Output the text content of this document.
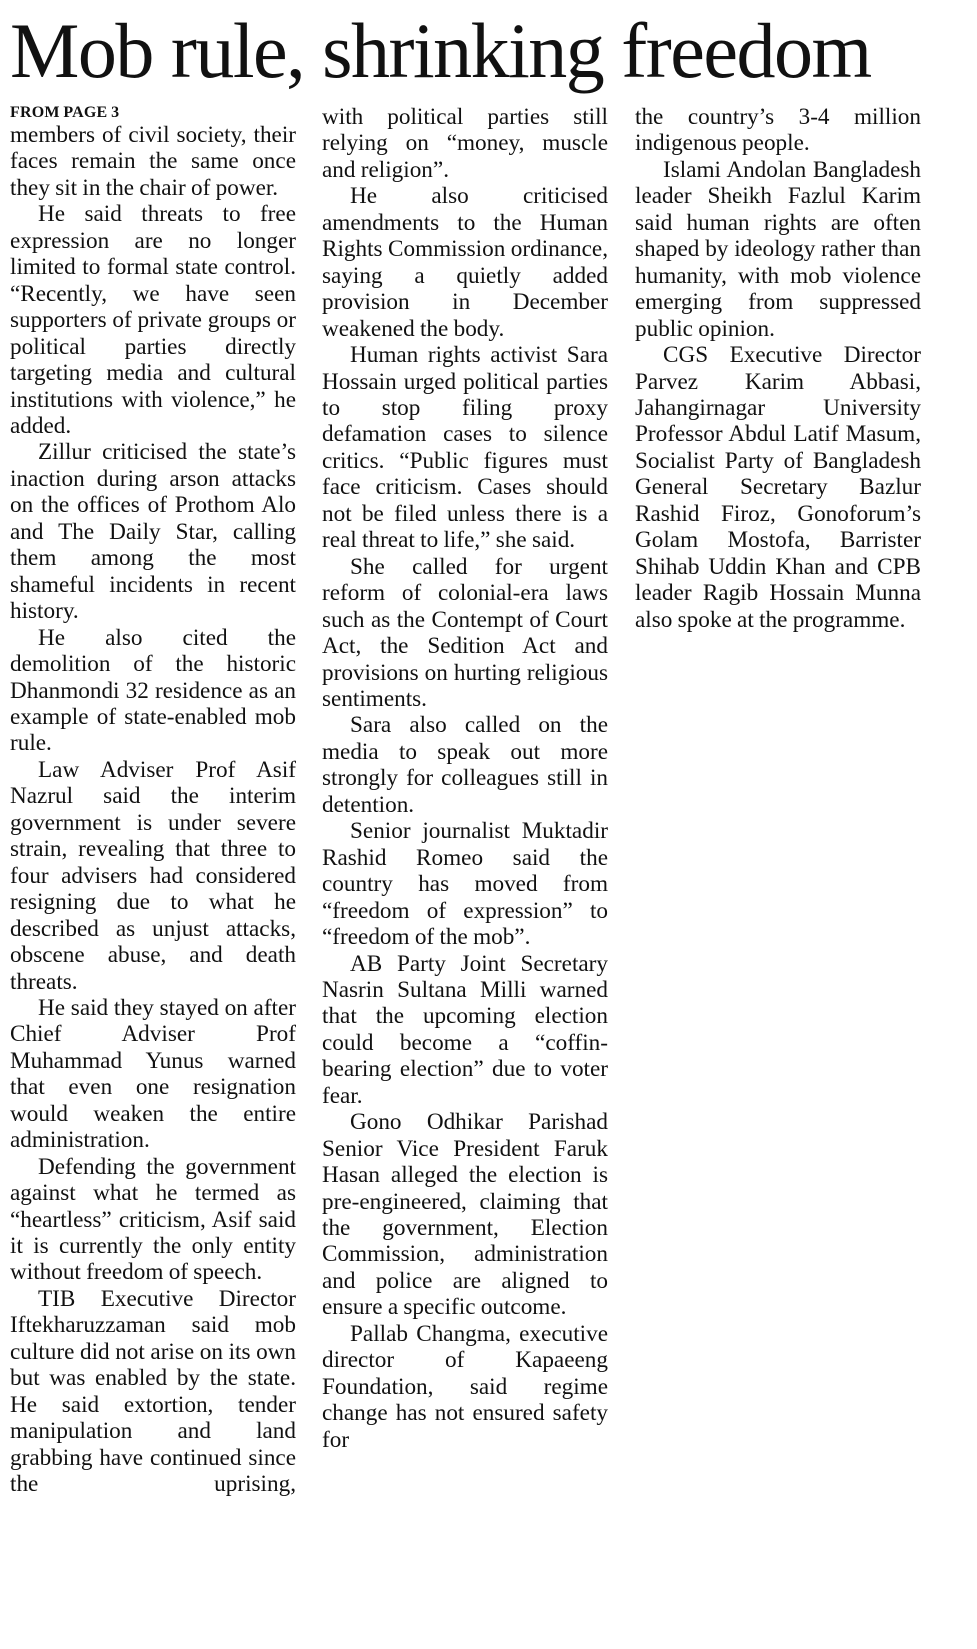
Mob rule, shrinking freedom
FROM PAGE 3

members of civil society, their faces remain the same once they sit in the chair of power.

He said threats to free expression are no longer limited to formal state control. “Recently, we have seen supporters of private groups or political parties directly targeting media and cultural institutions with violence,” he added.

Zillur criticised the state’s inaction during arson attacks on the offices of Prothom Alo and The Daily Star, calling them among the most shameful incidents in recent history.

He also cited the demolition of the historic Dhanmondi 32 residence as an example of state-enabled mob rule.

Law Adviser Prof Asif Nazrul said the interim government is under severe strain, revealing that three to four advisers had considered resigning due to what he described as unjust attacks, obscene abuse, and death threats.

He said they stayed on after Chief Adviser Prof Muhammad Yunus warned that even one resignation would weaken the entire administration.

Defending the government against what he termed as “heartless” criticism, Asif said it is currently the only entity without freedom of speech.

TIB Executive Director Iftekharuzzaman said mob culture did not arise on its own but was enabled by the state. He said extortion, tender manipulation and land grabbing have continued since the uprising,

with political parties still relying on “money, muscle and religion”.

He also criticised amendments to the Human Rights Commission ordinance, saying a quietly added provision in December weakened the body.

Human rights activist Sara Hossain urged political parties to stop filing proxy defamation cases to silence critics. “Public figures must face criticism. Cases should not be filed unless there is a real threat to life,” she said.

She called for urgent reform of colonial-era laws such as the Contempt of Court Act, the Sedition Act and provisions on hurting religious sentiments.

Sara also called on the media to speak out more strongly for colleagues still in detention.

Senior journalist Muktadir Rashid Romeo said the country has moved from “freedom of expression” to “freedom of the mob”.

AB Party Joint Secretary Nasrin Sultana Milli warned that the upcoming election could become a “coffin-bearing election” due to voter fear.

Gono Odhikar Parishad Senior Vice President Faruk Hasan alleged the election is pre-engineered, claiming that the government, Election Commission, administration and police are aligned to ensure a specific outcome.

Pallab Changma, executive director of Kapaeeng Foundation, said regime change has not ensured safety for

the country’s 3-4 million indigenous people.

Islami Andolan Bangladesh leader Sheikh Fazlul Karim said human rights are often shaped by ideology rather than humanity, with mob violence emerging from suppressed public opinion.

CGS Executive Director Parvez Karim Abbasi, Jahangirnagar University Professor Abdul Latif Masum, Socialist Party of Bangladesh General Secretary Bazlur Rashid Firoz, Gonoforum’s Golam Mostofa, Barrister Shihab Uddin Khan and CPB leader Ragib Hossain Munna also spoke at the programme.
